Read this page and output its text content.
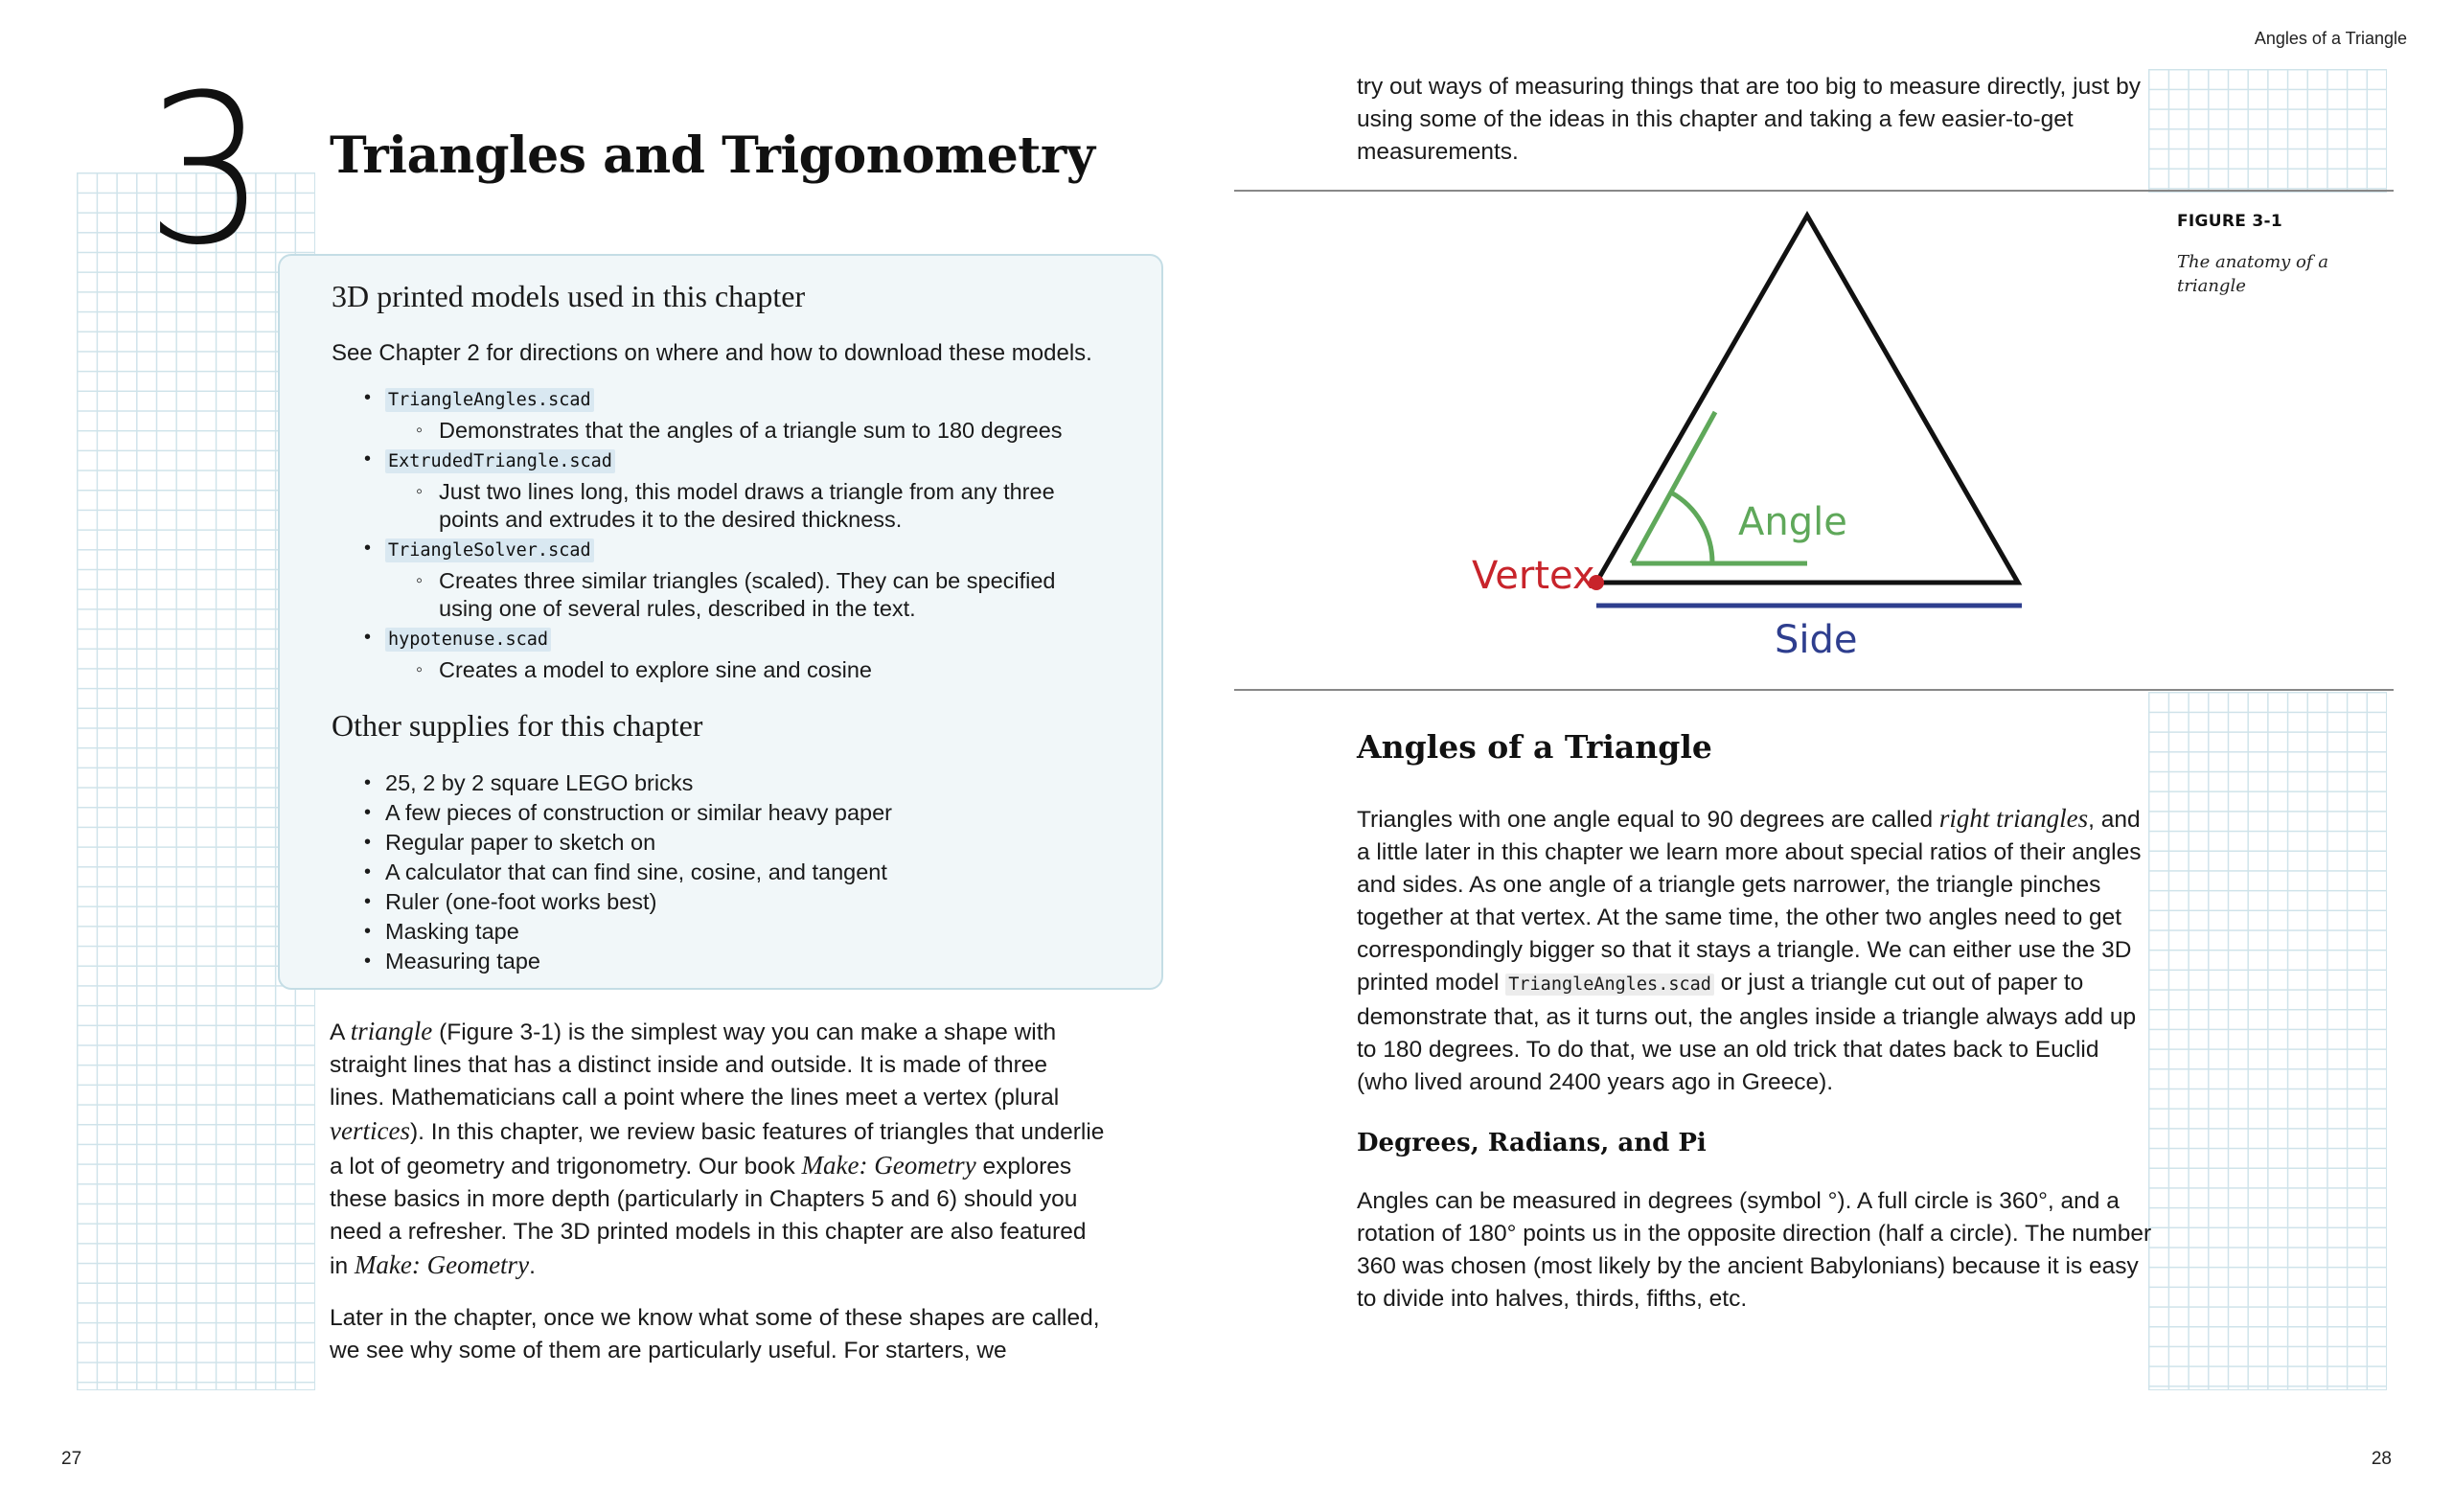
Angles of a Triangle
27	28
3 Triangles and Trigonometry
3D printed models used in this chapter

See Chapter 2 for directions on where and how to download these models.

• TriangleAngles.scad
◦ Demonstrates that the angles of a triangle sum to 180 degrees
• ExtrudedTriangle.scad
◦ Just two lines long, this model draws a triangle from any three
points and extrudes it to the desired thickness.
• TriangleSolver.scad
◦ Creates three similar triangles (scaled). They can be specified
using one of several rules, described in the text.
• hypotenuse.scad
◦ Creates a model to explore sine and cosine
Other supplies for this chapter
• 25, 2 by 2 square LEGO bricks
• A few pieces of construction or similar heavy paper
• Regular paper to sketch on
• A calculator that can find sine, cosine, and tangent
• Ruler (one-foot works best)
• Masking tape
• Measuring tape

A triangle (Figure 3-1) is the simplest way you can make a shape with straight lines that has a distinct inside and outside. It is made of three lines. Mathematicians call a point where the lines meet a vertex (plural vertices). In this chapter, we review basic features of triangles that underlie a lot of geometry and trigonometry. Our book Make: Geometry explores these basics in more depth (particularly in Chapters 5 and 6) should you need a refresher. The 3D printed models in this chapter are also featured in Make: Geometry.

Later in the chapter, once we know what some of these shapes are called, we see why some of them are particularly useful. For starters, we

try out ways of measuring things that are too big to measure directly, just by using some of the ideas in this chapter and taking a few easier-to-get measurements.

Angle
Vertex
Side
FIGURE 3-1
The anatomy of a triangle
Angles of a Triangle

Triangles with one angle equal to 90 degrees are called right triangles, and a little later in this chapter we learn more about special ratios of their angles and sides. As one angle of a triangle gets narrower, the triangle pinches together at that vertex. At the same time, the other two angles need to get correspondingly bigger so that it stays a triangle. We can either use the 3D printed model TriangleAngles.scad or just a triangle cut out of paper to demonstrate that, as it turns out, the angles inside a triangle always add up to 180 degrees. To do that, we use an old trick that dates back to Euclid (who lived around 2400 years ago in Greece).

Degrees, Radians, and Pi

Angles can be measured in degrees (symbol °). A full circle is 360°, and a rotation of 180° points us in the opposite direction (half a circle). The number 360 was chosen (most likely by the ancient Babylonians) because it is easy to divide into halves, thirds, fifths, etc.
